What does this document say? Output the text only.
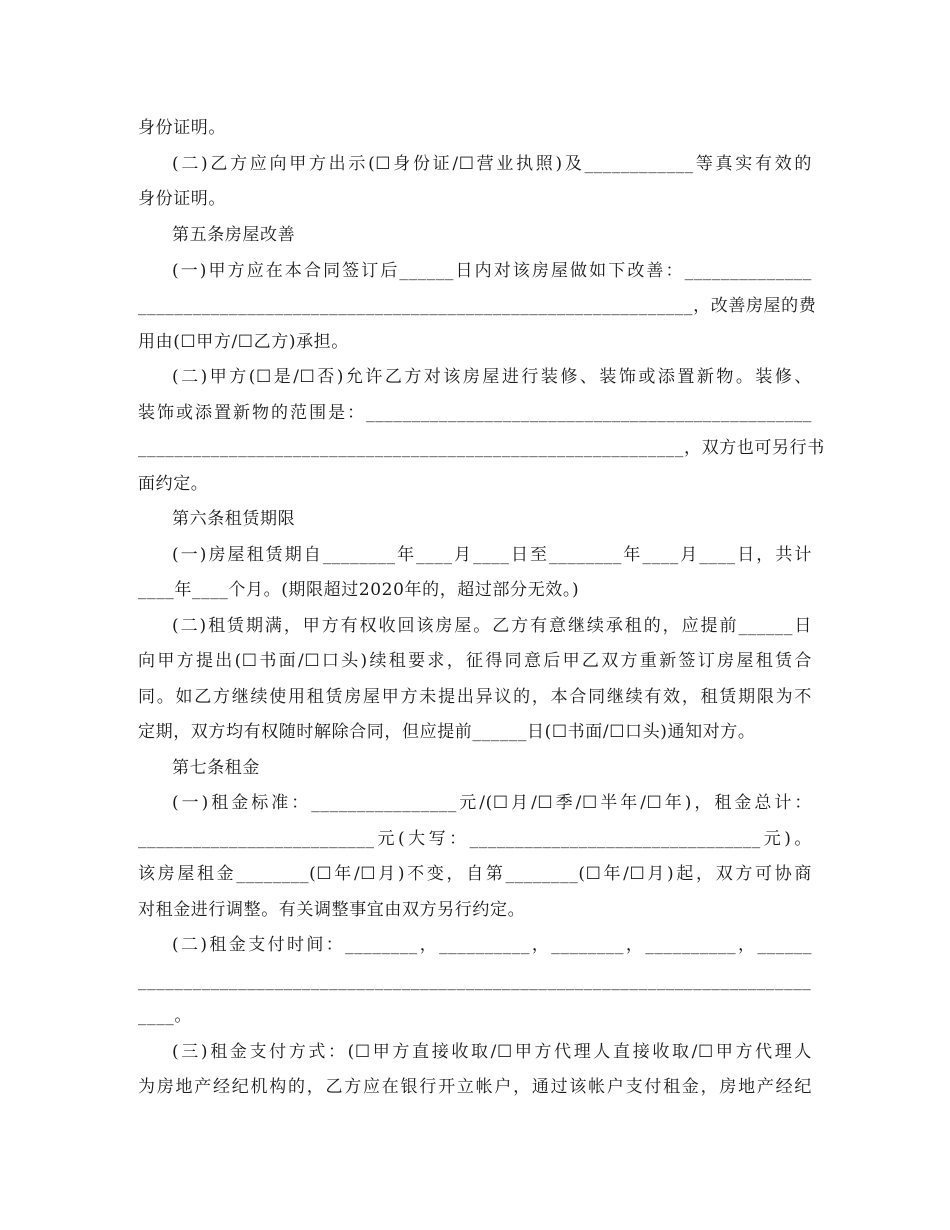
身份证明。
(二)乙方应向甲方出示(☐身份证/☐营业执照)及____________等真实有效的
身份证明。
第五条房屋改善
(一)甲方应在本合同签订后______日内对该房屋做如下改善：______________
_____________________________________________________________，改善房屋的费
用由(☐甲方/☐乙方)承担。
(二)甲方(☐是/☐否)允许乙方对该房屋进行装修、装饰或添置新物。装修、
装饰或添置新物的范围是：_________________________________________________
____________________________________________________________，双方也可另行书
面约定。
第六条租赁期限
(一)房屋租赁期自________年____月____日至________年____月____日，共计
____年____个月。(期限超过2020年的，超过部分无效。)
(二)租赁期满，甲方有权收回该房屋。乙方有意继续承租的，应提前______日
向甲方提出(☐书面/☐口头)续租要求，征得同意后甲乙双方重新签订房屋租赁合
同。如乙方继续使用租赁房屋甲方未提出异议的，本合同继续有效，租赁期限为不
定期，双方均有权随时解除合同，但应提前______日(☐书面/☐口头)通知对方。
第七条租金
(一)租金标准：________________元/(☐月/☐季/☐半年/☐年)，租金总计：
__________________________元(大写：________________________________元)。
该房屋租金________(☐年/☐月)不变，自第________(☐年/☐月)起，双方可协商
对租金进行调整。有关调整事宜由双方另行约定。
(二)租金支付时间：________，__________，________，__________，______
__________________________________________________________________________
____。
(三)租金支付方式：(☐甲方直接收取/☐甲方代理人直接收取/☐甲方代理人
为房地产经纪机构的，乙方应在银行开立帐户，通过该帐户支付租金，房地产经纪
